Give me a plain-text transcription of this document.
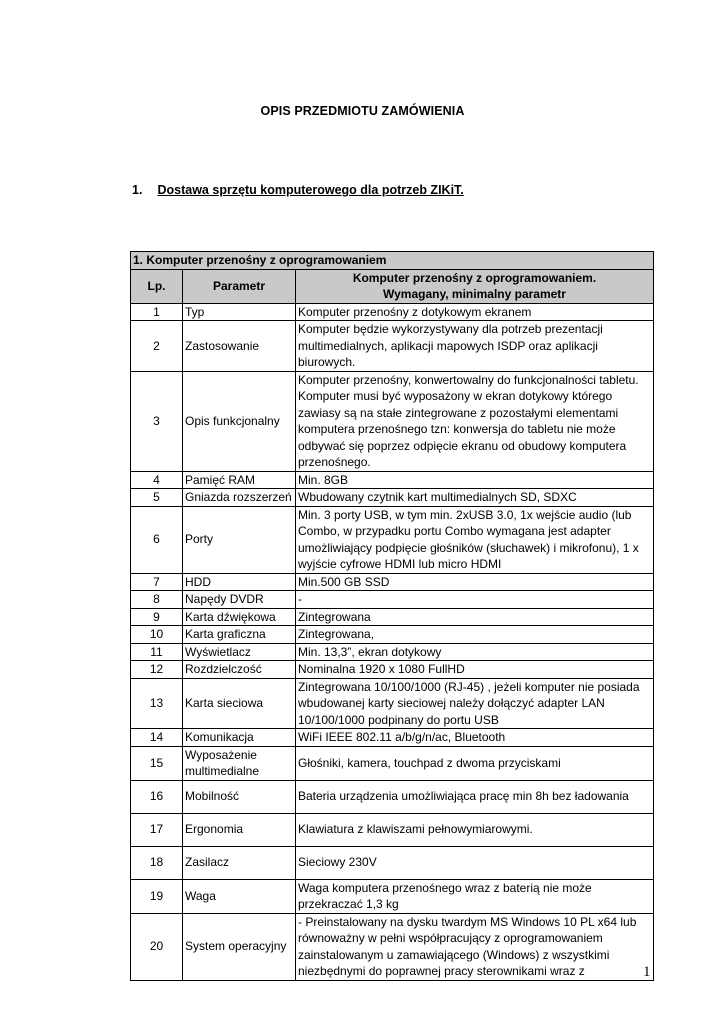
OPIS PRZEDMIOTU ZAMÓWIENIA
1. Dostawa sprzętu komputerowego dla potrzeb ZIKiT.
1. Komputer przenośny z oprogramowaniem		
Lp.	Parametr	Komputer przenośny z oprogramowaniem.
Wymagany, minimalny parametr

1	Typ	Komputer przenośny z dotykowym ekranem
2	Zastosowanie	Komputer będzie wykorzystywany dla potrzeb prezentacji multimedialnych, aplikacji mapowych ISDP oraz aplikacji biurowych.
3	Opis funkcjonalny	Komputer przenośny, konwertowalny do funkcjonalności tabletu. Komputer musi być wyposażony w ekran dotykowy którego zawiasy są na stałe zintegrowane z pozostałymi elementami komputera przenośnego tzn: konwersja do tabletu nie może odbywać się poprzez odpięcie ekranu od obudowy komputera przenośnego.
4	Pamięć RAM	Min. 8GB
5	Gniazda rozszerzeń	Wbudowany czytnik kart multimedialnych SD, SDXC
6	Porty	Min. 3 porty USB, w tym min. 2xUSB 3.0, 1x wejście audio (lub Combo, w przypadku portu Combo wymagana jest adapter umożliwiający podpięcie głośników (słuchawek) i mikrofonu), 1 x wyjście cyfrowe HDMI lub micro HDMI
7	HDD	Min.500 GB SSD
8	Napędy DVDR	-
9	Karta dźwiękowa	Zintegrowana
10	Karta graficzna	Zintegrowana,
11	Wyświetlacz	Min. 13,3”, ekran dotykowy
12	Rozdzielczość	Nominalna 1920 x 1080 FullHD
13	Karta sieciowa	Zintegrowana 10/100/1000 (RJ-45) , jeżeli komputer nie posiada wbudowanej karty sieciowej należy dołączyć adapter LAN 10/100/1000 podpinany do portu USB
14	Komunikacja	WiFi IEEE 802.11 a/b/g/n/ac, Bluetooth
15	Wyposażenie multimedialne	Głośniki, kamera, touchpad z dwoma przyciskami
16	Mobilność	Bateria urządzenia umożliwiająca pracę min 8h bez ładowania
17	Ergonomia	Klawiatura z klawiszami pełnowymiarowymi.
18	Zasilacz	Sieciowy 230V
19	Waga	Waga komputera przenośnego wraz z baterią nie może przekraczać 1,3 kg
20	System operacyjny	- Preinstalowany na dysku twardym MS Windows 10 PL x64 lub równoważny w pełni współpracujący z oprogramowaniem zainstalowanym u zamawiającego (Windows) z wszystkimi niezbędnymi do poprawnej pracy sterownikami wraz z	1
